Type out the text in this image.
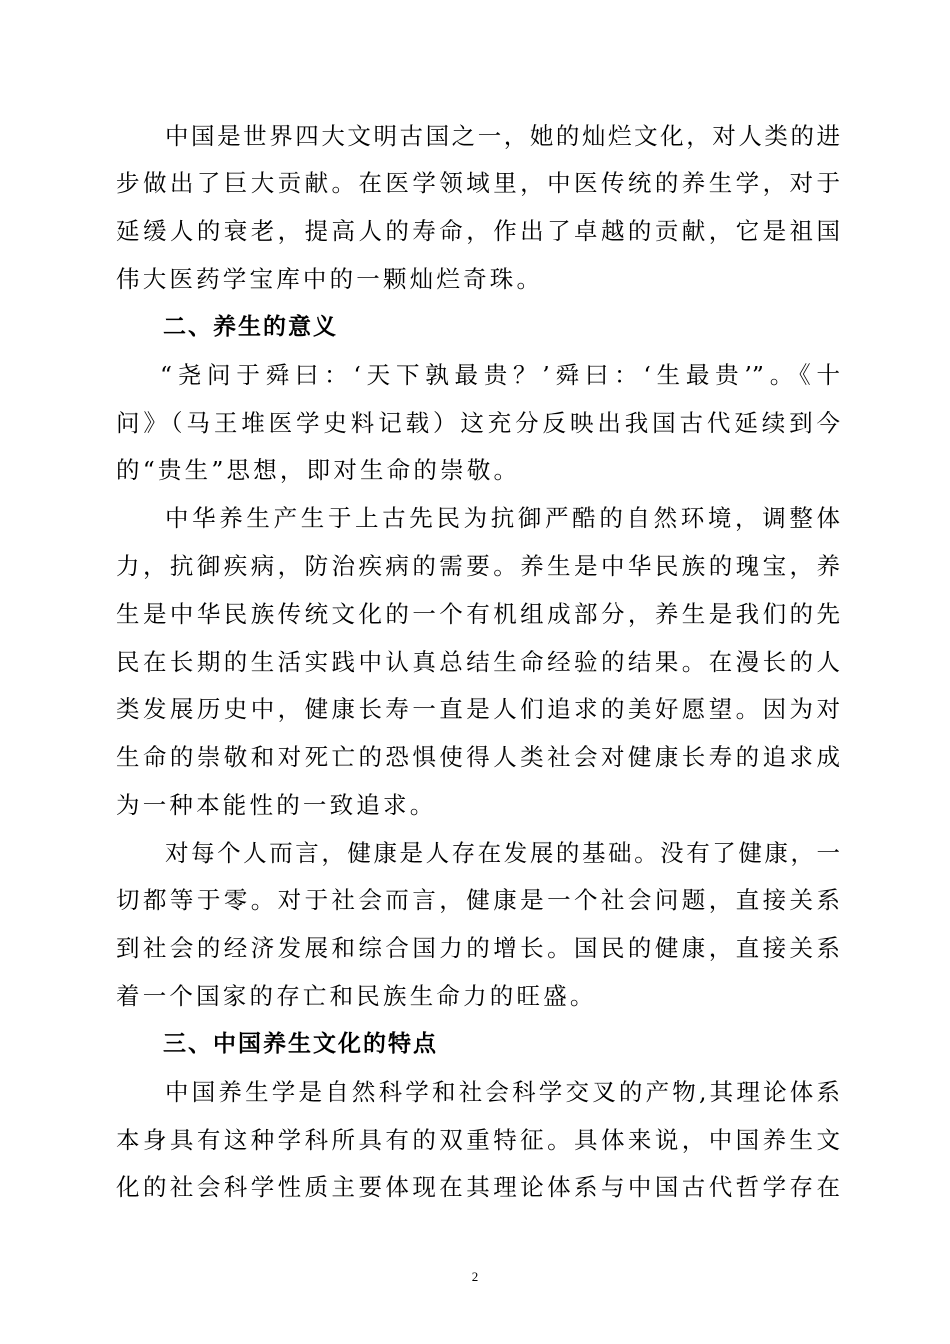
中国是世界四大文明古国之一，她的灿烂文化，对人类的进
步做出了巨大贡献。在医学领域里，中医传统的养生学，对于
延缓人的衰老，提高人的寿命，作出了卓越的贡献，它是祖国
伟大医药学宝库中的一颗灿烂奇珠。
二、养生的意义
“尧问于舜曰：‘天下孰最贵？’舜曰：‘生最贵’”。《十
问》（马王堆医学史料记载）这充分反映出我国古代延续到今
的“贵生”思想，即对生命的崇敬。
中华养生产生于上古先民为抗御严酷的自然环境，调整体
力，抗御疾病，防治疾病的需要。养生是中华民族的瑰宝，养
生是中华民族传统文化的一个有机组成部分，养生是我们的先
民在长期的生活实践中认真总结生命经验的结果。在漫长的人
类发展历史中，健康长寿一直是人们追求的美好愿望。因为对
生命的崇敬和对死亡的恐惧使得人类社会对健康长寿的追求成
为一种本能性的一致追求。
对每个人而言，健康是人存在发展的基础。没有了健康，一
切都等于零。对于社会而言，健康是一个社会问题，直接关系
到社会的经济发展和综合国力的增长。国民的健康，直接关系
着一个国家的存亡和民族生命力的旺盛。
三、中国养生文化的特点
中国养生学是自然科学和社会科学交叉的产物,其理论体系
本身具有这种学科所具有的双重特征。具体来说，中国养生文
化的社会科学性质主要体现在其理论体系与中国古代哲学存在
2
